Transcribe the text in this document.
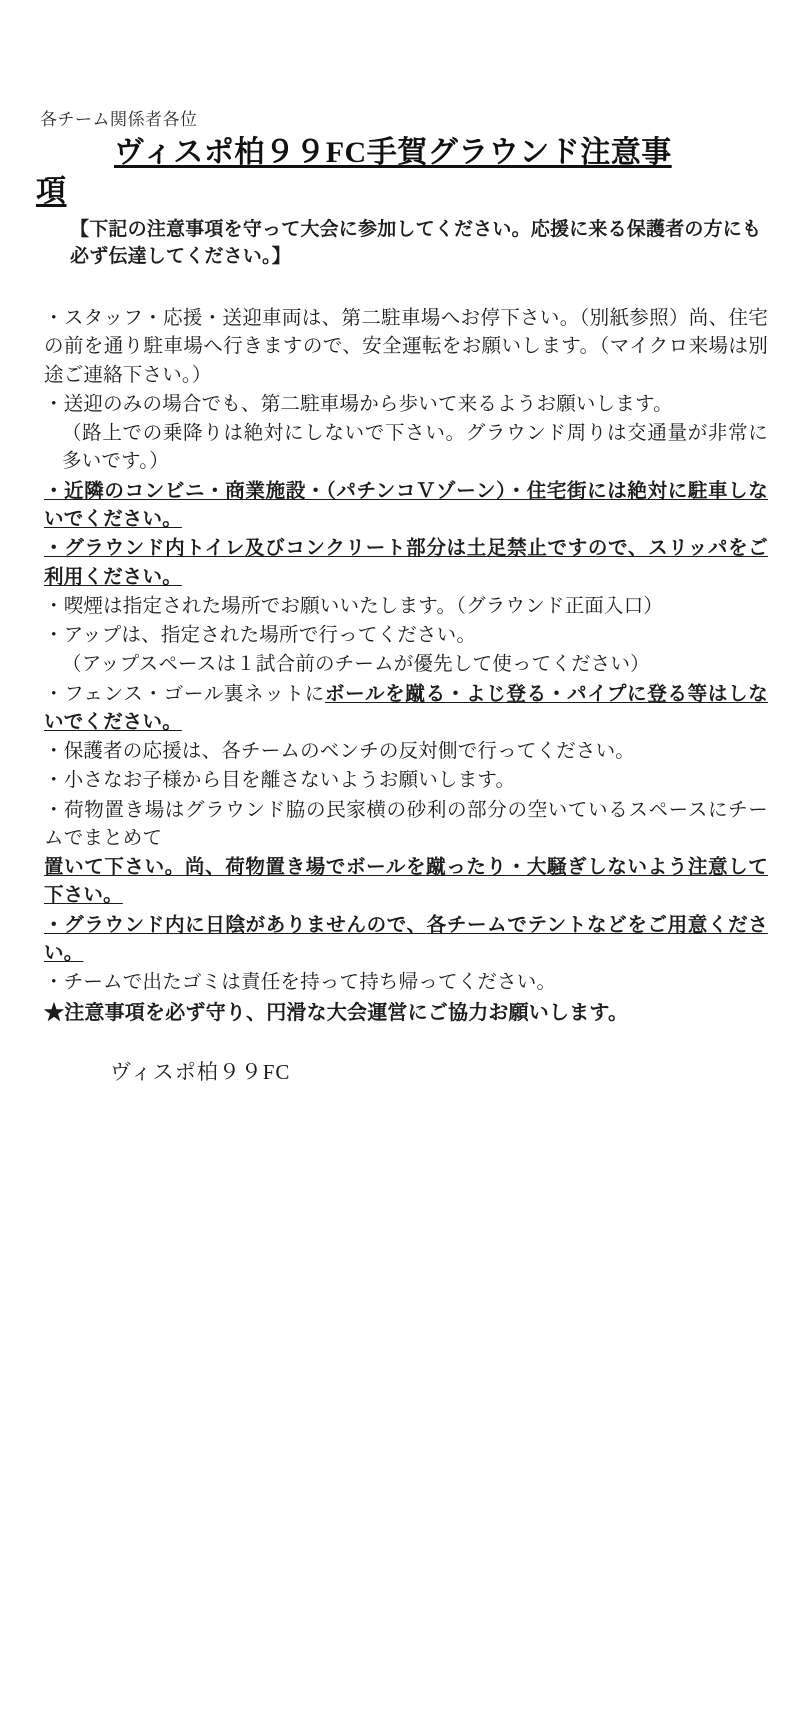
各チーム関係者各位
ヴィスポ柏９９FC手賀グラウンド注意事
項

【下記の注意事項を守って大会に参加してください。応援に来る保護者の方にも必ず伝達してください。】

・スタッフ・応援・送迎車両は、第二駐車場へお停下さい。（別紙参照）尚、住宅の前を通り駐車場へ行きますので、安全運転をお願いします。（マイクロ来場は別途ご連絡下さい。）
・送迎のみの場合でも、第二駐車場から歩いて来るようお願いします。
（路上での乗降りは絶対にしないで下さい。グラウンド周りは交通量が非常に多いです。）
・近隣のコンビニ・商業施設・（パチンコＶゾーン）・住宅街には絶対に駐車しないでください。
・グラウンド内トイレ及びコンクリート部分は土足禁止ですので、スリッパをご利用ください。
・喫煙は指定された場所でお願いいたします。（グラウンド正面入口）
・アップは、指定された場所で行ってください。
（アップスペースは１試合前のチームが優先して使ってください）
・フェンス・ゴール裏ネットにボールを蹴る・よじ登る・パイプに登る等はしないでください。
・保護者の応援は、各チームのベンチの反対側で行ってください。
・小さなお子様から目を離さないようお願いします。
・荷物置き場はグラウンド脇の民家横の砂利の部分の空いているスペースにチームでまとめて
置いて下さい。尚、荷物置き場でボールを蹴ったり・大騒ぎしないよう注意して下さい。
・グラウンド内に日陰がありませんので、各チームでテントなどをご用意ください。
・チームで出たゴミは責任を持って持ち帰ってください。
★注意事項を必ず守り、円滑な大会運営にご協力お願いします。
ヴィスポ柏９９FC
